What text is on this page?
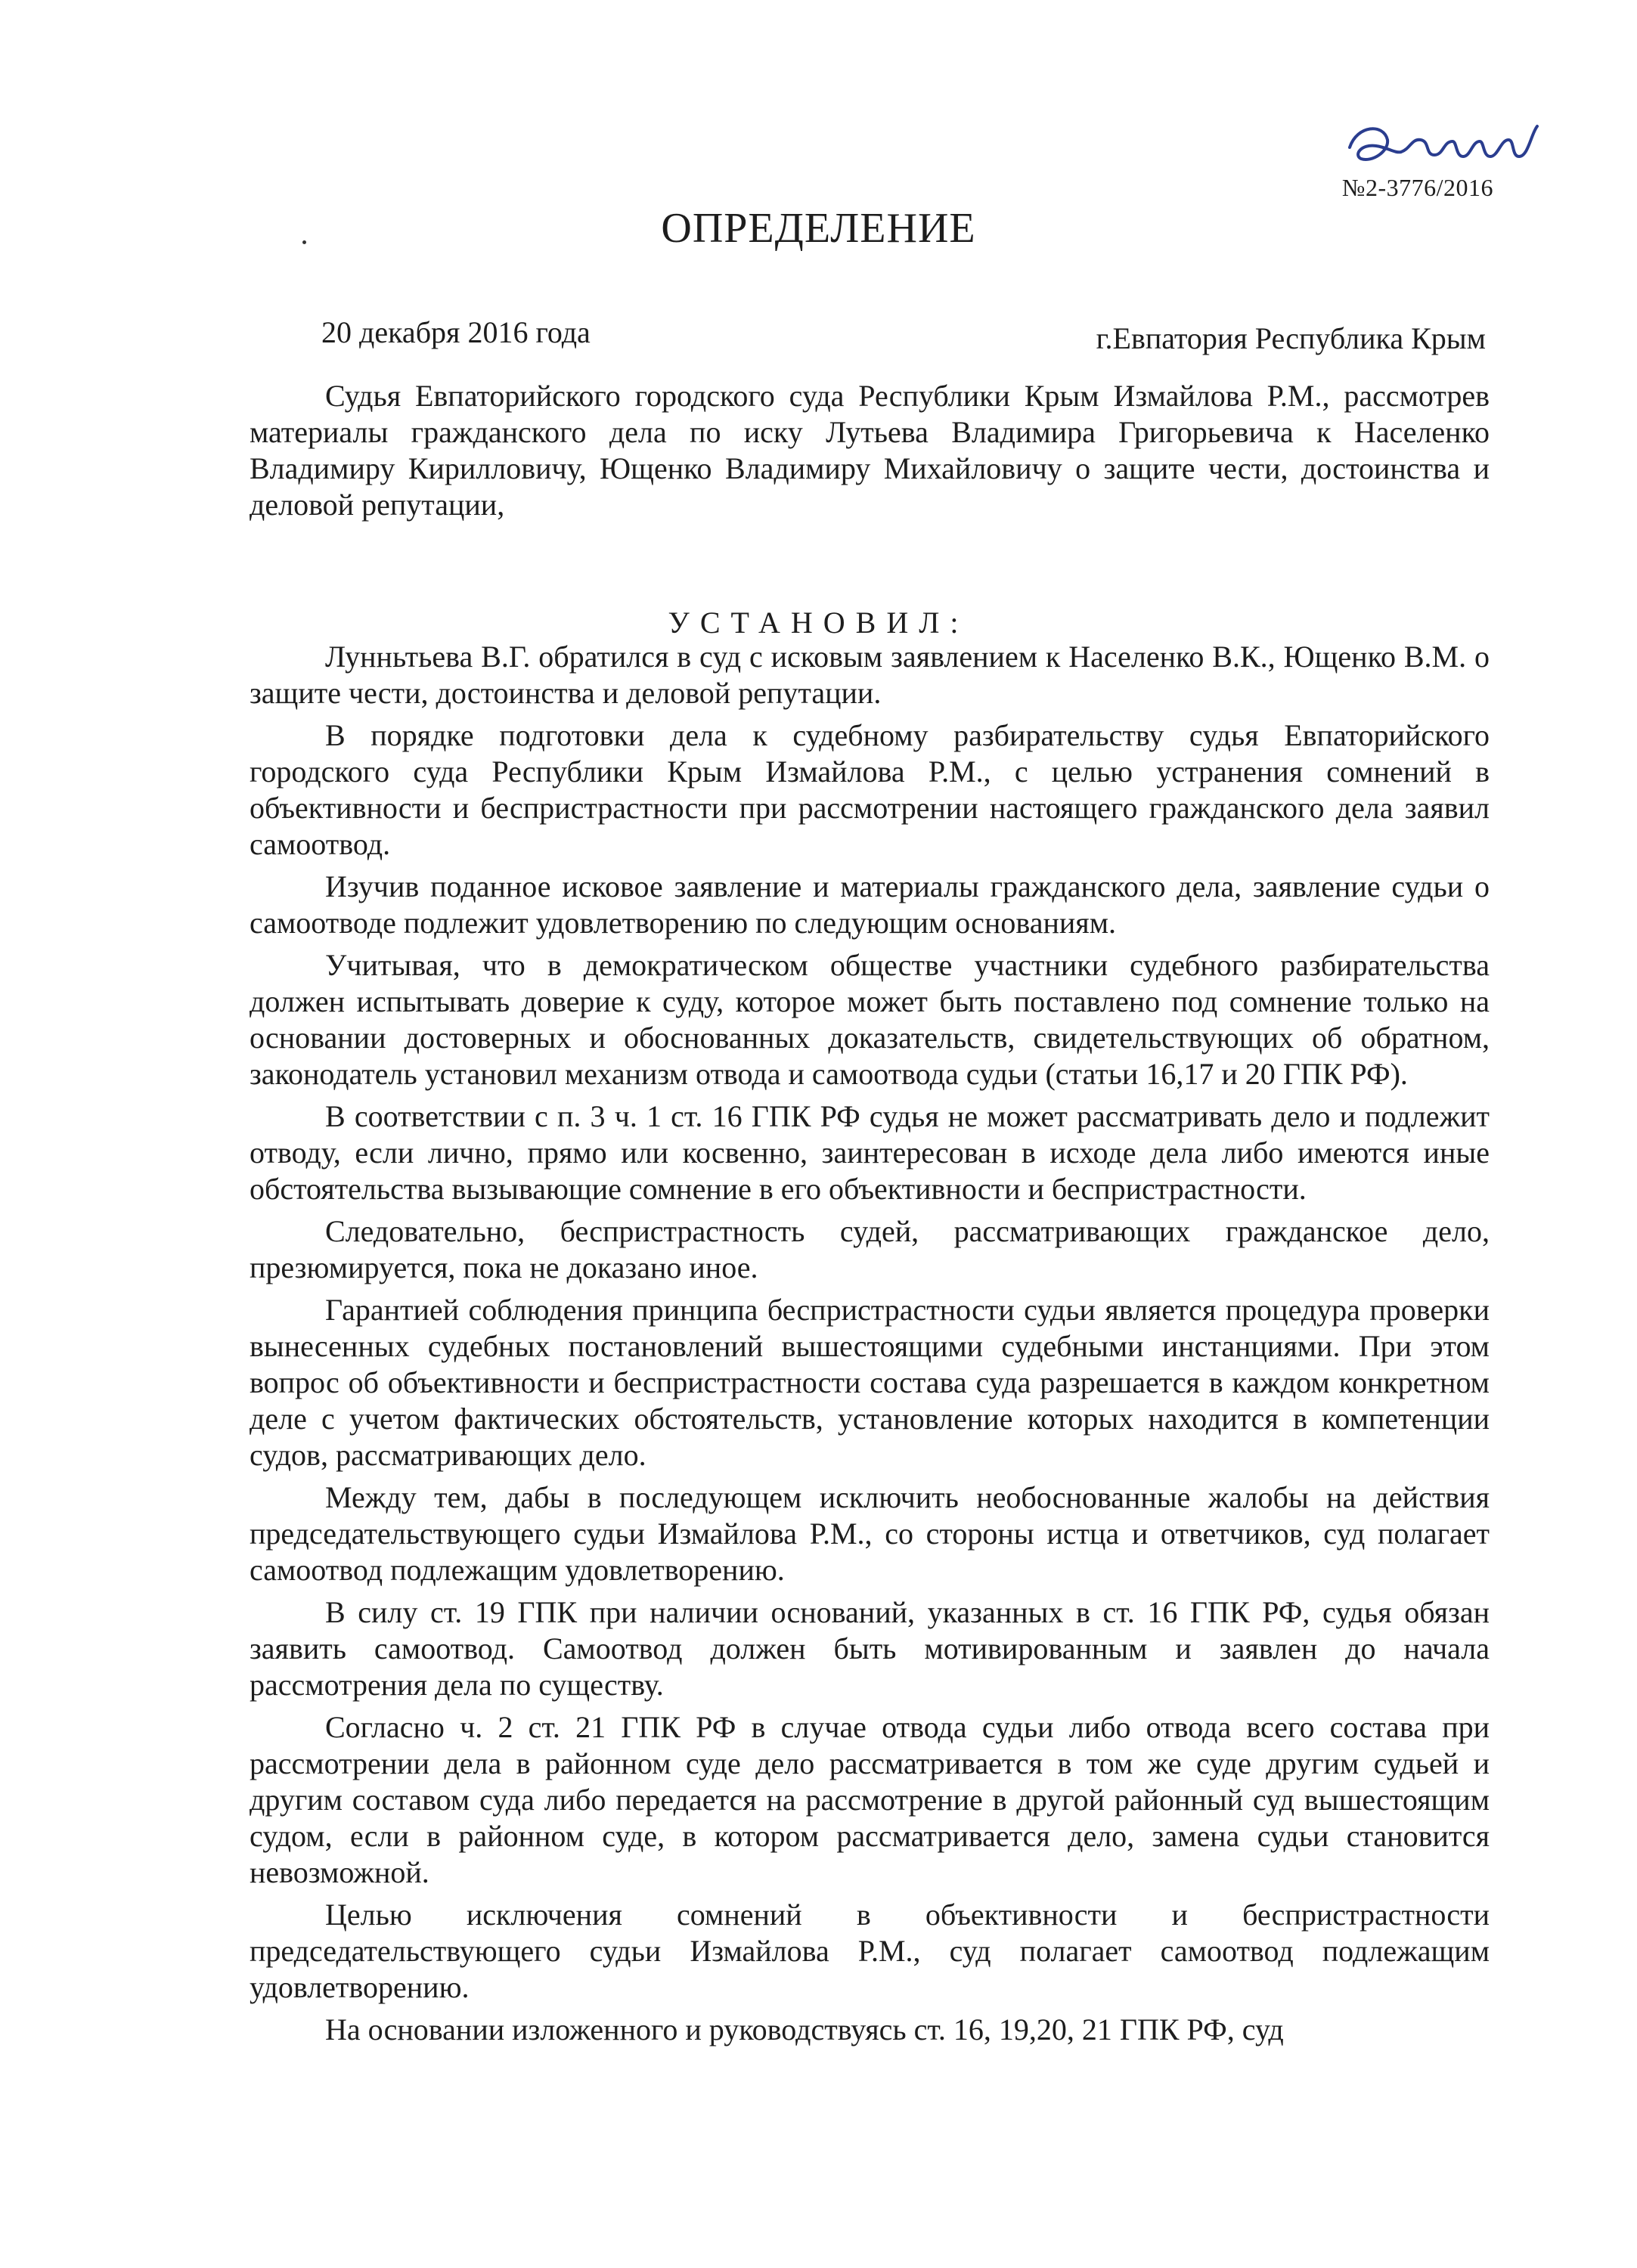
№2-3776/2016
ОПРЕДЕЛЕНИЕ
20 декабря 2016 года	г.Евпатория Республика Крым

Судья Евпаторийского городского суда Республики Крым Измайлова Р.М., рассмотрев материалы гражданского дела по иску Лутьева Владимира Григорьевича к Населенко Владимиру Кирилловичу, Ющенко Владимиру Михайловичу о защите чести, достоинства и деловой репутации,

УСТАНОВИЛ:

Лунньтьева В.Г. обратился в суд с исковым заявлением к Населенко В.К., Ющенко В.М. о защите чести, достоинства и деловой репутации.

В порядке подготовки дела к судебному разбирательству судья Евпаторийского городского суда Республики Крым Измайлова Р.М., с целью устранения сомнений в объективности и беспристрастности при рассмотрении настоящего гражданского дела заявил самоотвод.

Изучив поданное исковое заявление и материалы гражданского дела, заявление судьи о самоотводе подлежит удовлетворению по следующим основаниям.

Учитывая, что в демократическом обществе участники судебного разбирательства должен испытывать доверие к суду, которое может быть поставлено под сомнение только на основании достоверных и обоснованных доказательств, свидетельствующих об обратном, законодатель установил механизм отвода и самоотвода судьи (статьи 16,17 и 20 ГПК РФ).

В соответствии с п. 3 ч. 1 ст. 16 ГПК РФ судья не может рассматривать дело и подлежит отводу, если лично, прямо или косвенно, заинтересован в исходе дела либо имеются иные обстоятельства вызывающие сомнение в его объективности и беспристрастности.

Следовательно, беспристрастность судей, рассматривающих гражданское дело, презюмируется, пока не доказано иное.

Гарантией соблюдения принципа беспристрастности судьи является процедура проверки вынесенных судебных постановлений вышестоящими судебными инстанциями. При этом вопрос об объективности и беспристрастности состава суда разрешается в каждом конкретном деле с учетом фактических обстоятельств, установление которых находится в компетенции судов, рассматривающих дело.

Между тем, дабы в последующем исключить необоснованные жалобы на действия председательствующего судьи Измайлова Р.М., со стороны истца и ответчиков, суд полагает самоотвод подлежащим удовлетворению.

В силу ст. 19 ГПК при наличии оснований, указанных в ст. 16 ГПК РФ, судья обязан заявить самоотвод. Самоотвод должен быть мотивированным и заявлен до начала рассмотрения дела по существу.

Согласно ч. 2 ст. 21 ГПК РФ в случае отвода судьи либо отвода всего состава при рассмотрении дела в районном суде дело рассматривается в том же суде другим судьей и другим составом суда либо передается на рассмотрение в другой районный суд вышестоящим судом, если в районном суде, в котором рассматривается дело, замена судьи становится невозможной.

Целью исключения сомнений в объективности и беспристрастности председательствующего судьи Измайлова Р.М., суд полагает самоотвод подлежащим удовлетворению.

На основании изложенного и руководствуясь ст. 16, 19,20, 21 ГПК РФ, суд
